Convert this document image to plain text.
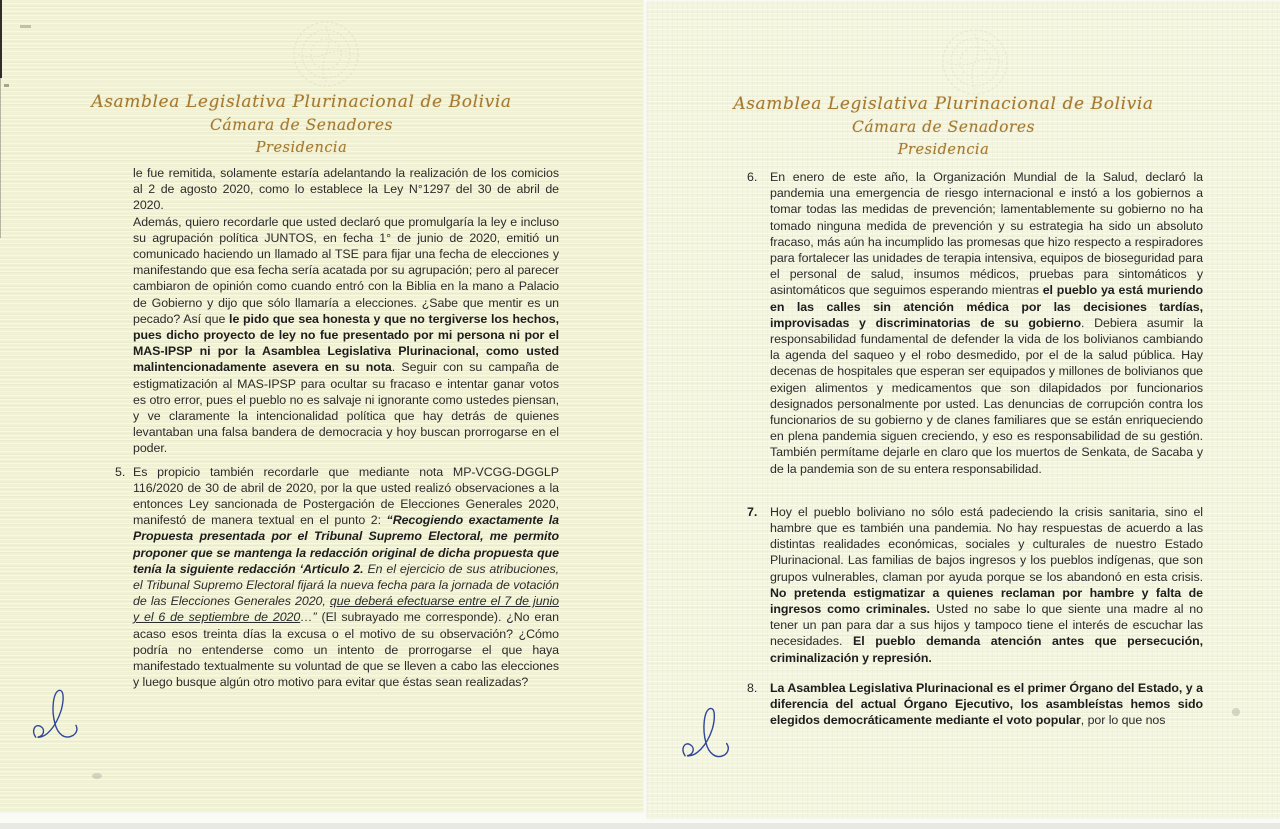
Asamblea Legislativa Plurinacional de Bolivia
Cámara de Senadores
Presidencia
le fue remitida, solamente estaría adelantando la realización de los comicios al 2 de agosto 2020, como lo establece la Ley N°1297 del 30 de abril de 2020.
Además, quiero recordarle que usted declaró que promulgaría la ley e incluso su agrupación política JUNTOS, en fecha 1° de junio de 2020, emitió un comunicado haciendo un llamado al TSE para fijar una fecha de elecciones y manifestando que esa fecha sería acatada por su agrupación; pero al parecer cambiaron de opinión como cuando entró con la Biblia en la mano a Palacio de Gobierno y dijo que sólo llamaría a elecciones. ¿Sabe que mentir es un pecado? Así que le pido que sea honesta y que no tergiverse los hechos, pues dicho proyecto de ley no fue presentado por mi persona ni por el MAS-IPSP ni por la Asamblea Legislativa Plurinacional, como usted malintencionadamente asevera en su nota. Seguir con su campaña de estigmatización al MAS-IPSP para ocultar su fracaso e intentar ganar votos es otro error, pues el pueblo no es salvaje ni ignorante como ustedes piensan, y ve claramente la intencionalidad política que hay detrás de quienes levantaban una falsa bandera de democracia y hoy buscan prorrogarse en el poder.
5. Es propicio también recordarle que mediante nota MP-VCGG-DGGLP 116/2020 de 30 de abril de 2020, por la que usted realizó observaciones a la entonces Ley sancionada de Postergación de Elecciones Generales 2020, manifestó de manera textual en el punto 2: “Recogiendo exactamente la Propuesta presentada por el Tribunal Supremo Electoral, me permito proponer que se mantenga la redacción original de dicha propuesta que tenía la siguiente redacción ‘Articulo 2. En el ejercicio de sus atribuciones, el Tribunal Supremo Electoral fijará la nueva fecha para la jornada de votación de las Elecciones Generales 2020, que deberá efectuarse entre el 7 de junio y el 6 de septiembre de 2020…” (El subrayado me corresponde). ¿No eran acaso esos treinta días la excusa o el motivo de su observación? ¿Cómo podría no entenderse como un intento de prorrogarse el que haya manifestado textualmente su voluntad de que se lleven a cabo las elecciones y luego busque algún otro motivo para evitar que éstas sean realizadas?
Asamblea Legislativa Plurinacional de Bolivia
Cámara de Senadores
Presidencia
6.	En enero de este año, la Organización Mundial de la Salud, declaró la pandemia una emergencia de riesgo internacional e instó a los gobiernos a tomar todas las medidas de prevención; lamentablemente su gobierno no ha tomado ninguna medida de prevención y su estrategia ha sido un absoluto fracaso, más aún ha incumplido las promesas que hizo respecto a respiradores para fortalecer las unidades de terapia intensiva, equipos de bioseguridad para el personal de salud, insumos médicos, pruebas para sintomáticos y asintomáticos que seguimos esperando mientras el pueblo ya está muriendo en las calles sin atención médica por las decisiones tardías, improvisadas y discriminatorias de su gobierno. Debiera asumir la responsabilidad fundamental de defender la vida de los bolivianos cambiando la agenda del saqueo y el robo desmedido, por el de la salud pública. Hay decenas de hospitales que esperan ser equipados y millones de bolivianos que exigen alimentos y medicamentos que son dilapidados por funcionarios designados personalmente por usted. Las denuncias de corrupción contra los funcionarios de su gobierno y de clanes familiares que se están enriqueciendo en plena pandemia siguen creciendo, y eso es responsabilidad de su gestión. También permítame dejarle en claro que los muertos de Senkata, de Sacaba y de la pandemia son de su entera responsabilidad.
7.	Hoy el pueblo boliviano no sólo está padeciendo la crisis sanitaria, sino el hambre que es también una pandemia. No hay respuestas de acuerdo a las distintas realidades económicas, sociales y culturales de nuestro Estado Plurinacional. Las familias de bajos ingresos y los pueblos indígenas, que son grupos vulnerables, claman por ayuda porque se los abandonó en esta crisis. No pretenda estigmatizar a quienes reclaman por hambre y falta de ingresos como criminales. Usted no sabe lo que siente una madre al no tener un pan para dar a sus hijos y tampoco tiene el interés de escuchar las necesidades. El pueblo demanda atención antes que persecución, criminalización y represión.
8.	La Asamblea Legislativa Plurinacional es el primer Órgano del Estado, y a diferencia del actual Órgano Ejecutivo, los asambleístas hemos sido elegidos democráticamente mediante el voto popular, por lo que nos
